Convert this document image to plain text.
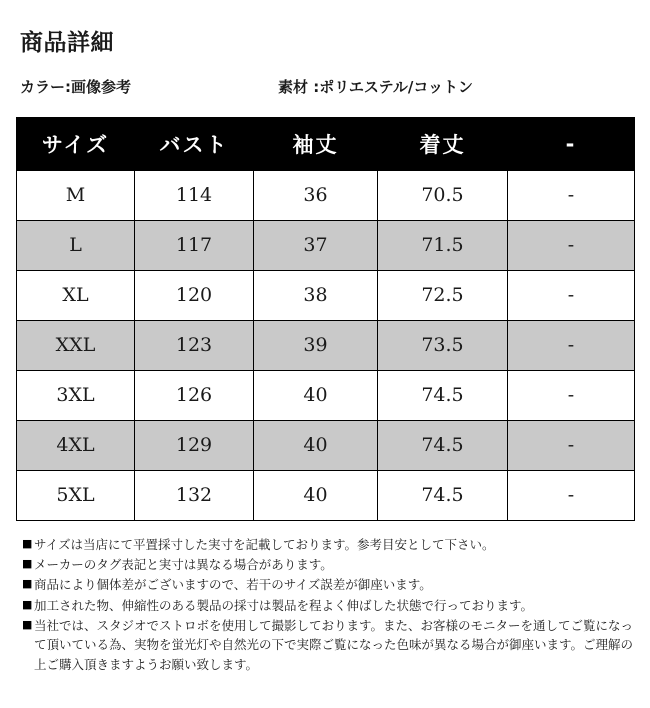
商品詳細
カラー:画像参考	素材 :ポリエステル/コットン
サイズ	バスト	袖丈	着丈	-
M	114	36	70.5	-
L	117	37	71.5	-
XL	120	38	72.5	-
XXL	123	39	73.5	-
3XL	126	40	74.5	-
4XL	129	40	74.5	-
5XL	132	40	74.5	-
■ サイズは当店にて平置採寸した実寸を記載しております。参考目安として下さい。
■ メーカーのタグ表記と実寸は異なる場合があります。
■ 商品により個体差がございますので、若干のサイズ誤差が御座います。
■ 加工された物、伸縮性のある製品の採寸は製品を程よく伸ばした状態で行っております。
■ 当社では、スタジオでストロボを使用して撮影しております。また、お客様のモニターを通してご覧になって頂いている為、実物を蛍光灯や自然光の下で実際ご覧になった色味が異なる場合が御座います。ご理解の上ご購入頂きますようお願い致します。
